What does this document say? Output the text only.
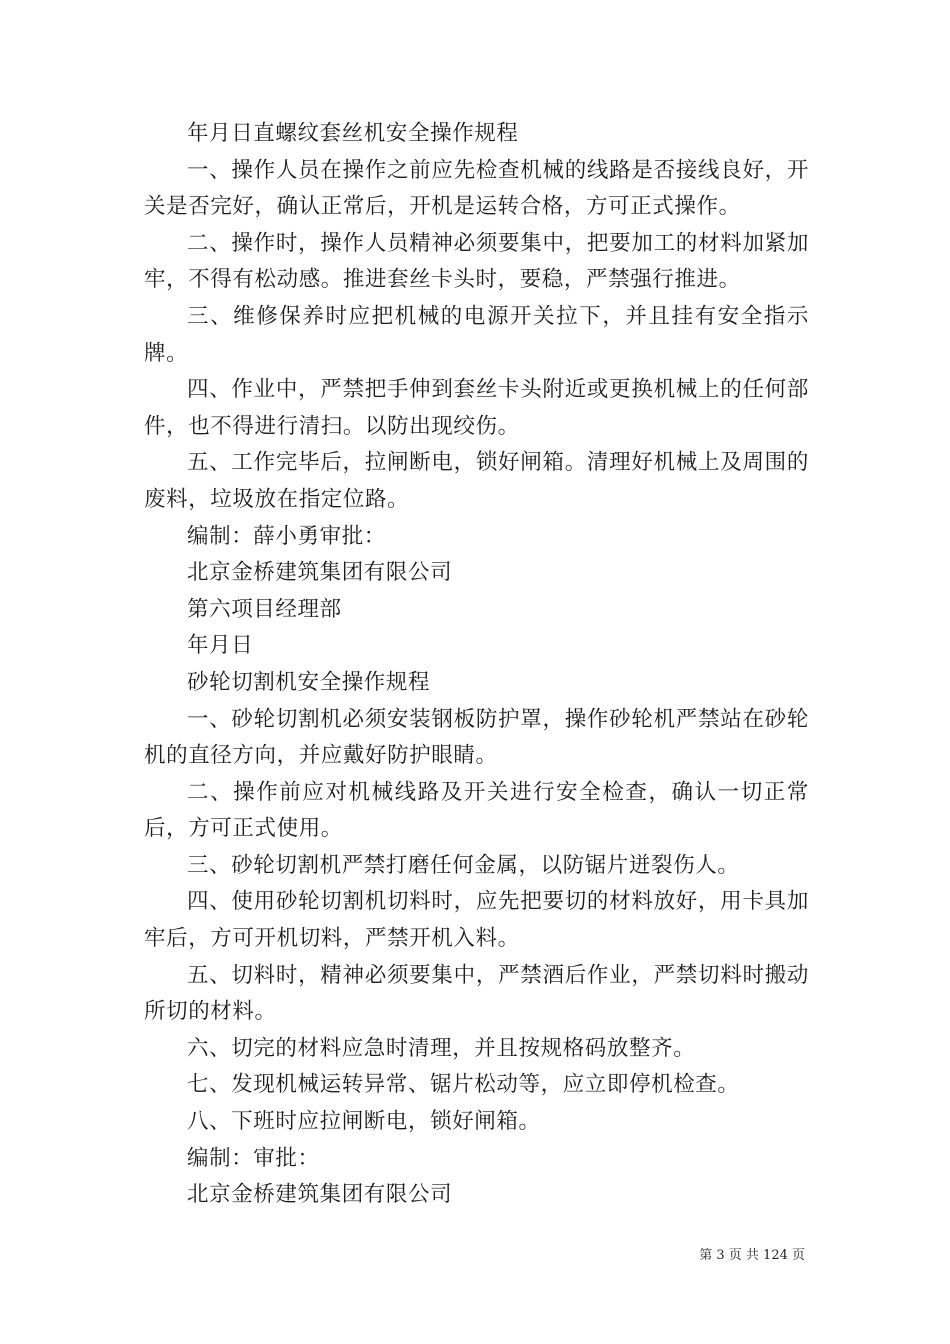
年月日直螺纹套丝机安全操作规程

一、操作人员在操作之前应先检查机械的线路是否接线良好，开关是否完好，确认正常后，开机是运转合格，方可正式操作。

二、操作时，操作人员精神必须要集中，把要加工的材料加紧加牢，不得有松动感。推进套丝卡头时，要稳，严禁强行推进。

三、维修保养时应把机械的电源开关拉下，并且挂有安全指示牌。

四、作业中，严禁把手伸到套丝卡头附近或更换机械上的任何部件，也不得进行清扫。以防出现绞伤。

五、工作完毕后，拉闸断电，锁好闸箱。清理好机械上及周围的废料，垃圾放在指定位路。

编制：薛小勇审批：

北京金桥建筑集团有限公司

第六项目经理部

年月日

砂轮切割机安全操作规程

一、砂轮切割机必须安装钢板防护罩，操作砂轮机严禁站在砂轮机的直径方向，并应戴好防护眼睛。

二、操作前应对机械线路及开关进行安全检查，确认一切正常后，方可正式使用。

三、砂轮切割机严禁打磨任何金属，以防锯片迸裂伤人。

四、使用砂轮切割机切料时，应先把要切的材料放好，用卡具加牢后，方可开机切料，严禁开机入料。

五、切料时，精神必须要集中，严禁酒后作业，严禁切料时搬动所切的材料。

六、切完的材料应急时清理，并且按规格码放整齐。

七、发现机械运转异常、锯片松动等，应立即停机检查。

八、下班时应拉闸断电，锁好闸箱。

编制：审批：

北京金桥建筑集团有限公司

第 3 页 共 124 页
